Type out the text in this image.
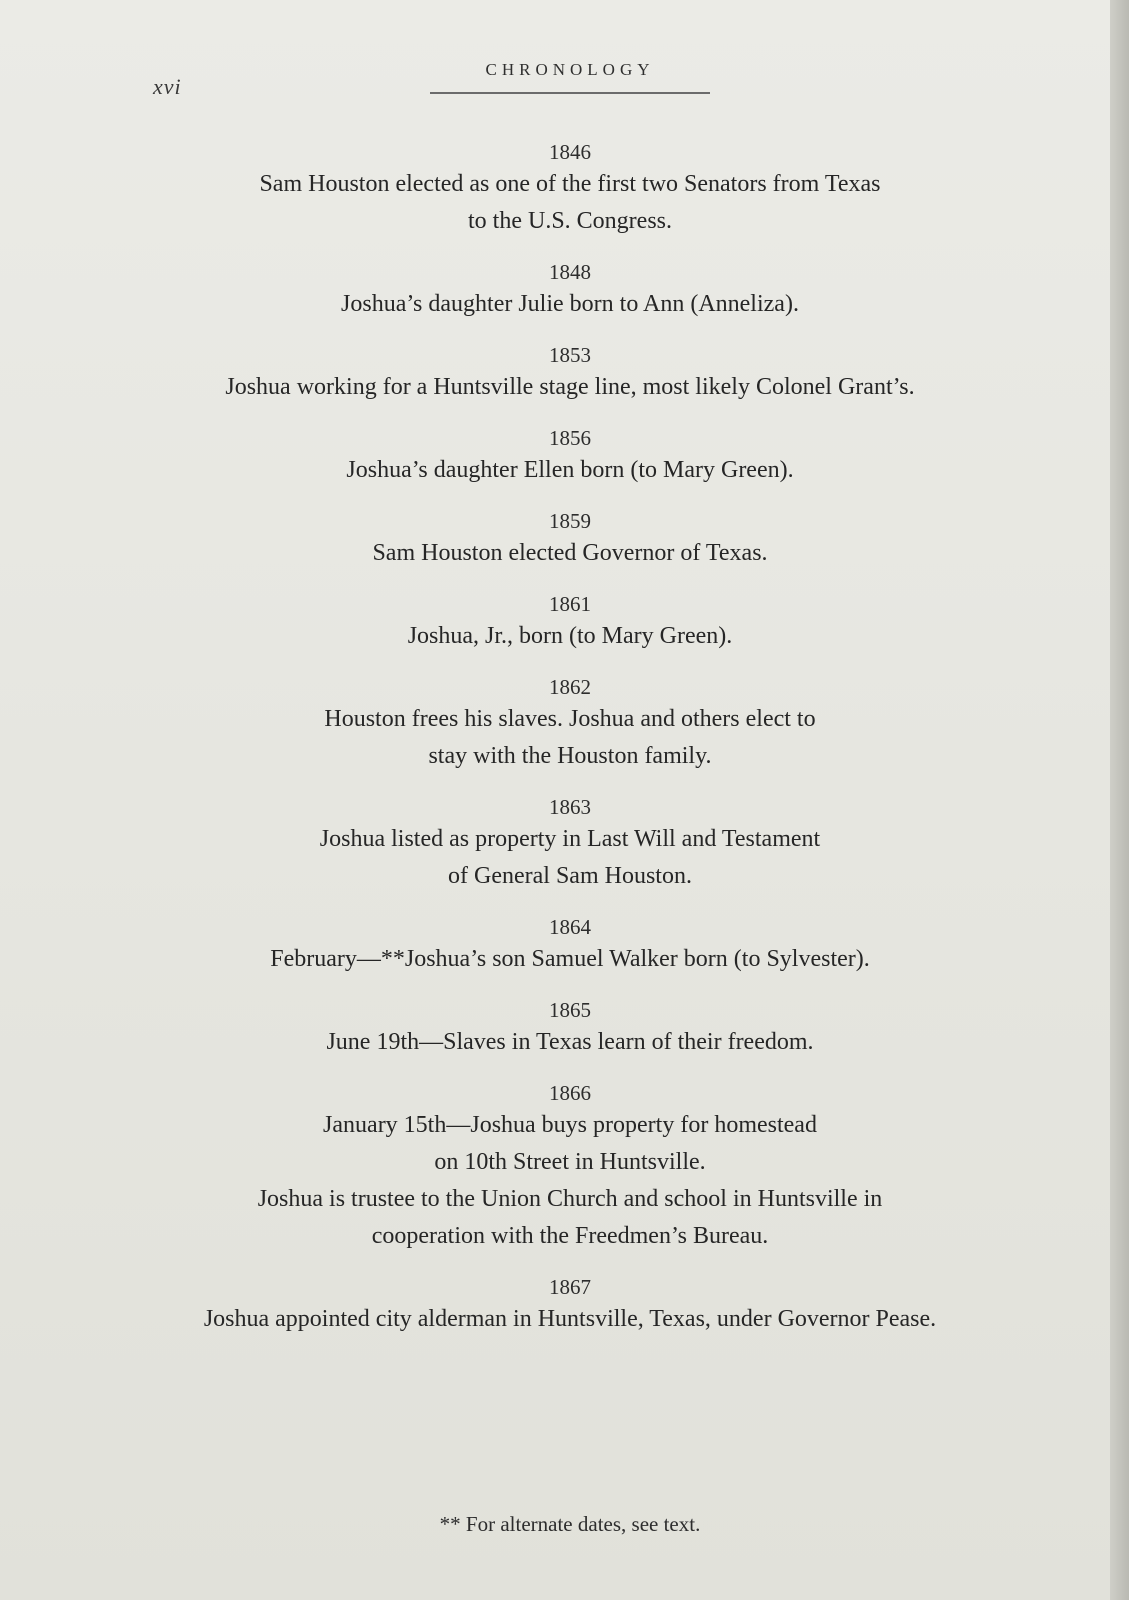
xvi
CHRONOLOGY
1846
Sam Houston elected as one of the first two Senators from Texas
to the U.S. Congress.
1848
Joshua’s daughter Julie born to Ann (Anneliza).
1853
Joshua working for a Huntsville stage line, most likely Colonel Grant’s.
1856
Joshua’s daughter Ellen born (to Mary Green).
1859
Sam Houston elected Governor of Texas.
1861
Joshua, Jr., born (to Mary Green).
1862
Houston frees his slaves. Joshua and others elect to
stay with the Houston family.
1863
Joshua listed as property in Last Will and Testament
of General Sam Houston.
1864
February—**Joshua’s son Samuel Walker born (to Sylvester).
1865
June 19th—Slaves in Texas learn of their freedom.
1866
January 15th—Joshua buys property for homestead
on 10th Street in Huntsville.
Joshua is trustee to the Union Church and school in Huntsville in
cooperation with the Freedmen’s Bureau.
1867
Joshua appointed city alderman in Huntsville, Texas, under Governor Pease.
** For alternate dates, see text.
